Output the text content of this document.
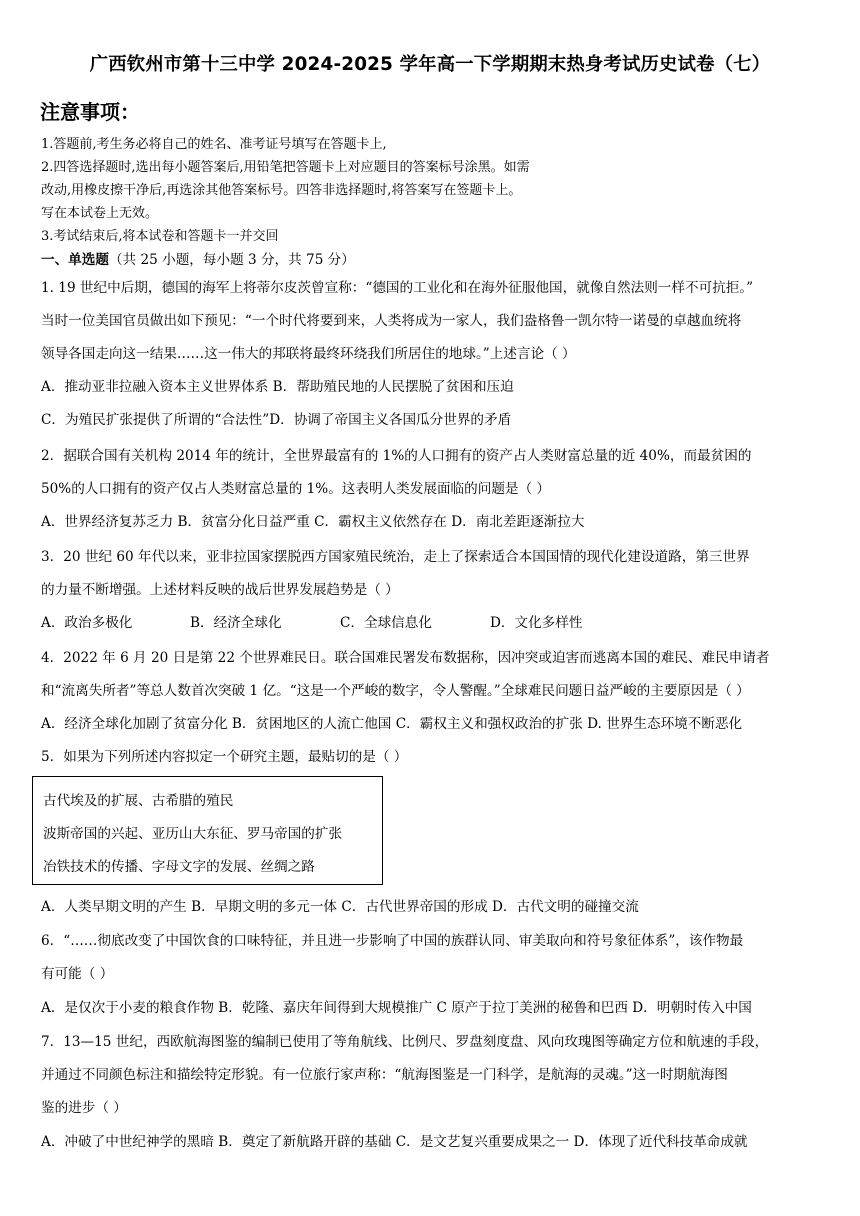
广西钦州市第十三中学 2024-2025 学年高一下学期期末热身考试历史试卷（七）
注意事项：
1.答题前,考生务必将自己的姓名、准考证号填写在答题卡上,
2.四答选择题时,选出每小题答案后,用铅笔把答题卡上对应题目的答案标号涂黑。如需
改动,用橡皮擦干净后,再选涂其他答案标号。四答非选择题时,将答案写在签题卡上。
写在本试卷上无效。
3.考试结束后,将本试卷和答题卡一并交回
一、单选题（共 25 小题，每小题 3 分，共 75 分）
1. 19 世纪中后期，德国的海军上将蒂尔皮茨曾宣称：“德国的工业化和在海外征服他国，就像自然法则一样不可抗拒。”
当时一位美国官员做出如下预见：“一个时代将要到来，人类将成为一家人，我们盎格鲁一凯尔特一诺曼的卓越血统将
领导各国走向这一结果……这一伟大的邦联将最终环绕我们所居住的地球。”上述言论（ ）
A．推动亚非拉融入资本主义世界体系 B．帮助殖民地的人民摆脱了贫困和压迫
C．为殖民扩张提供了所谓的“合法性”D．协调了帝国主义各国瓜分世界的矛盾
2．据联合国有关机构 2014 年的统计，全世界最富有的 1%的人口拥有的资产占人类财富总量的近 40%，而最贫困的
50%的人口拥有的资产仅占人类财富总量的 1%。这表明人类发展面临的问题是（ ）
A．世界经济复苏乏力 B．贫富分化日益严重 C．霸权主义依然存在 D．南北差距逐渐拉大
3．20 世纪 60 年代以来，亚非拉国家摆脱西方国家殖民统治，走上了探索适合本国国情的现代化建设道路，第三世界
的力量不断增强。上述材料反映的战后世界发展趋势是（ ）
A．政治多极化	B．经济全球化	C．全球信息化	D．文化多样性
4．2022 年 6 月 20 日是第 22 个世界难民日。联合国难民署发布数据称，因冲突或迫害而逃离本国的难民、难民申请者
和“流离失所者”等总人数首次突破 1 亿。“这是一个严峻的数字，令人警醒。”全球难民问题日益严峻的主要原因是（ ）
A．经济全球化加剧了贫富分化 B．贫困地区的人流亡他国 C．霸权主义和强权政治的扩张 D. 世界生态环境不断恶化
5．如果为下列所述内容拟定一个研究主题，最贴切的是（ ）
古代埃及的扩展、古希腊的殖民
波斯帝国的兴起、亚历山大东征、罗马帝国的扩张
冶铁技术的传播、字母文字的发展、丝绸之路
A．人类早期文明的产生 B．早期文明的多元一体 C．古代世界帝国的形成 D．古代文明的碰撞交流
6．“……彻底改变了中国饮食的口味特征，并且进一步影响了中国的族群认同、审美取向和符号象征体系”，该作物最
有可能（ ）
A．是仅次于小麦的粮食作物 B．乾隆、嘉庆年间得到大规模推广 C 原产于拉丁美洲的秘鲁和巴西 D．明朝时传入中国
7．13—15 世纪，西欧航海图鉴的编制已使用了等角航线、比例尺、罗盘刻度盘、风向玫瑰图等确定方位和航速的手段，
并通过不同颜色标注和描绘特定形貌。有一位旅行家声称：“航海图鉴是一门科学，是航海的灵魂。”这一时期航海图
鉴的进步（ ）
A．冲破了中世纪神学的黑暗 B．奠定了新航路开辟的基础 C．是文艺复兴重要成果之一 D．体现了近代科技革命成就
